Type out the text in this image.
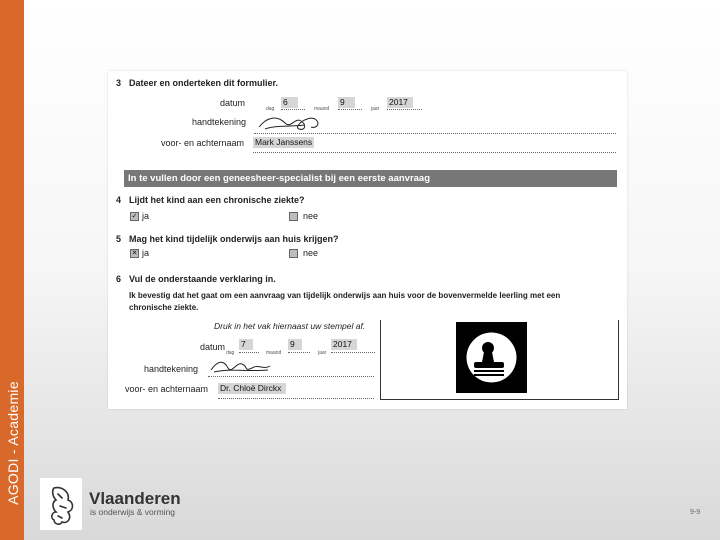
AGODI - Academie
3 Dateer en onderteken dit formulier.
datum
dag
6
maand
9
jaar
2017
handtekening
voor- en achternaam Mark Janssens
In te vullen door een geneesheer-specialist bij een eerste aanvraag
4 Lijdt het kind aan een chronische ziekte?
✓ ja	nee
5 Mag het kind tijdelijk onderwijs aan huis krijgen?
✕ ja	nee
6 Vul de onderstaande verklaring in.
Ik bevestig dat het gaat om een aanvraag van tijdelijk onderwijs aan huis voor de bovenvermelde leerling met een
chronische ziekte.
Druk in het vak hiernaast uw stempel af.
datum
dag
7
maand
9
jaar
2017
handtekening
voor- en achternaam Dr. Chloë Dirckx
Vlaanderen
is onderwijs & vorming	9-9
